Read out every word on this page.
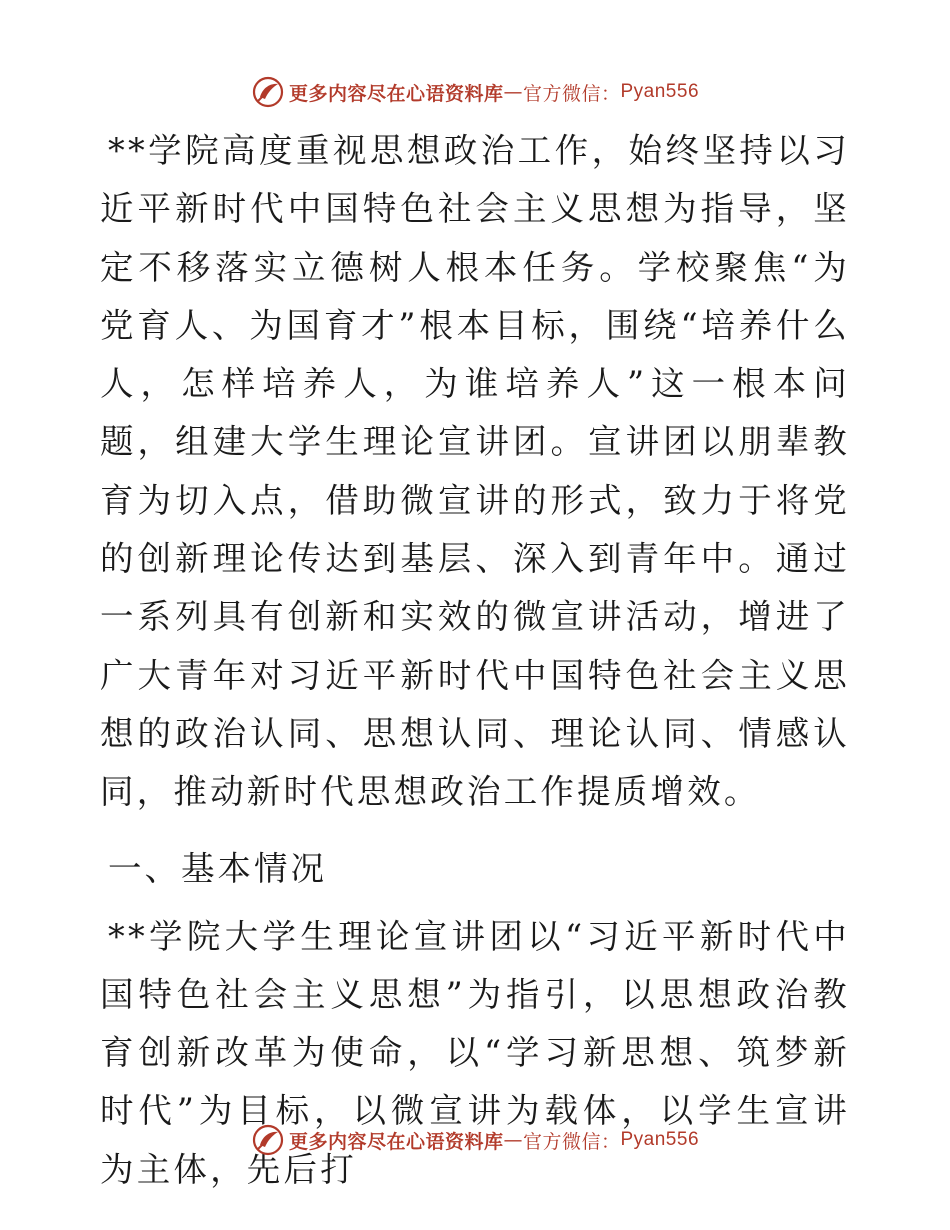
更多内容尽在心语资料库 — 官方微信： Pyan556

**学院高度重视思想政治工作，始终坚持以习近平新时代中国特色社会主义思想为指导，坚定不移落实立德树人根本任务。学校聚焦“为党育人、为国育才”根本目标，围绕“培养什么人，怎样培养人，为谁培养人”这一根本问题，组建大学生理论宣讲团。宣讲团以朋辈教育为切入点，借助微宣讲的形式，致力于将党的创新理论传达到基层、深入到青年中。通过一系列具有创新和实效的微宣讲活动，增进了广大青年对习近平新时代中国特色社会主义思想的政治认同、思想认同、理论认同、情感认同，推动新时代思想政治工作提质增效。

一、基本情况

**学院大学生理论宣讲团以“习近平新时代中国特色社会主义思想”为指引，以思想政治教育创新改革为使命，以“学习新思想、筑梦新时代”为目标，以微宣讲为载体，以学生宣讲为主体，先后打

更多内容尽在心语资料库 — 官方微信： Pyan556
